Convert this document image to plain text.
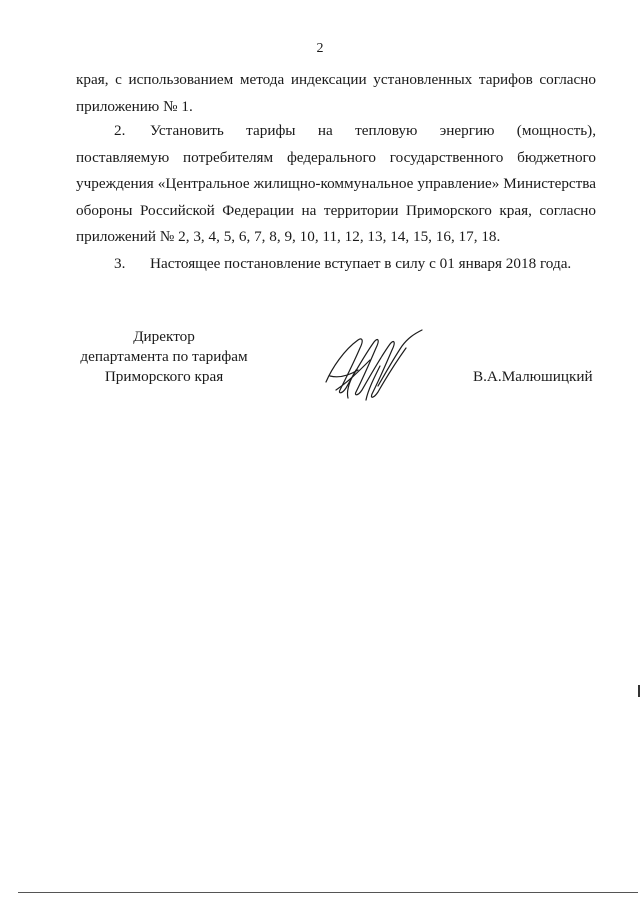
2
края, с использованием метода индексации установленных тарифов согласно
приложению № 1.
2.	Установить тарифы на тепловую энергию (мощность),
поставляемую потребителям федерального государственного бюджетного
учреждения «Центральное жилищно-коммунальное управление» Министерства
обороны Российской Федерации на территории Приморского края, согласно
приложений № 2, 3, 4, 5, 6, 7, 8, 9, 10, 11, 12, 13, 14, 15, 16, 17, 18.
3.	Настоящее постановление вступает в силу с 01 января 2018 года.
Директор
департамента по тарифам
Приморского края	В.А.Малюшицкий
